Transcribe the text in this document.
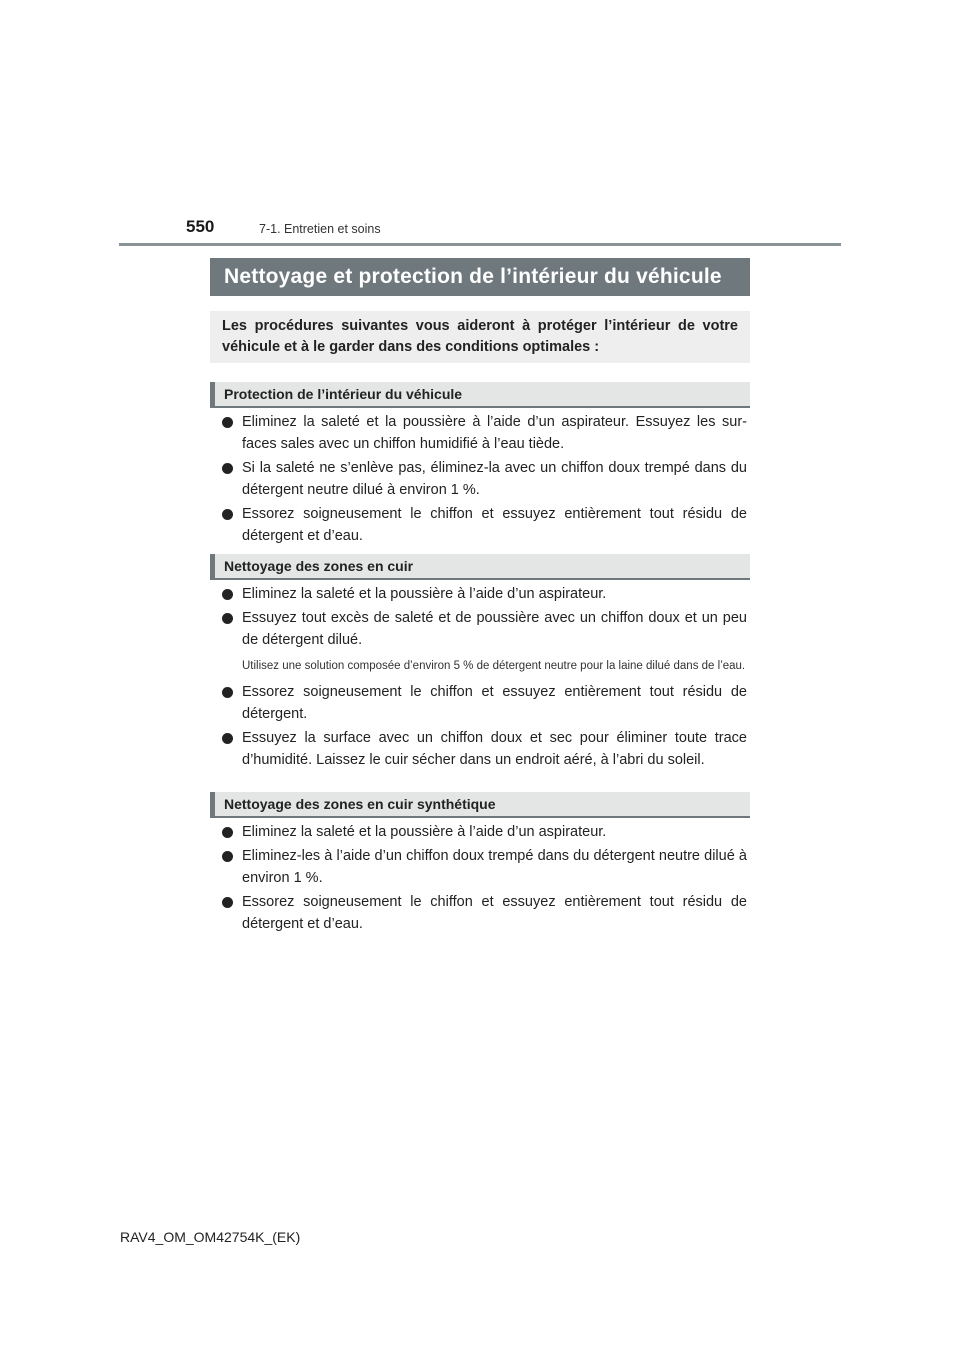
550	7-1. Entretien et soins
Nettoyage et protection de l’intérieur du véhicule
Les procédures suivantes vous aideront à protéger l’intérieur de votre véhicule et à le garder dans des conditions optimales :
Protection de l’intérieur du véhicule
Eliminez la saleté et la poussière à l’aide d’un aspirateur. Essuyez les sur-faces sales avec un chiffon humidifié à l’eau tiède.
Si la saleté ne s’enlève pas, éliminez-la avec un chiffon doux trempé dans du détergent neutre dilué à environ 1 %.
Essorez soigneusement le chiffon et essuyez entièrement tout résidu de détergent et d’eau.
Nettoyage des zones en cuir
Eliminez la saleté et la poussière à l’aide d’un aspirateur.
Essuyez tout excès de saleté et de poussière avec un chiffon doux et un peu de détergent dilué.
Utilisez une solution composée d’environ 5 % de détergent neutre pour la laine dilué dans de l’eau.
Essorez soigneusement le chiffon et essuyez entièrement tout résidu de détergent.
Essuyez la surface avec un chiffon doux et sec pour éliminer toute trace d’humidité. Laissez le cuir sécher dans un endroit aéré, à l’abri du soleil.
Nettoyage des zones en cuir synthétique
Eliminez la saleté et la poussière à l’aide d’un aspirateur.
Eliminez-les à l’aide d’un chiffon doux trempé dans du détergent neutre dilué à environ 1 %.
Essorez soigneusement le chiffon et essuyez entièrement tout résidu de détergent et d’eau.
RAV4_OM_OM42754K_(EK)
